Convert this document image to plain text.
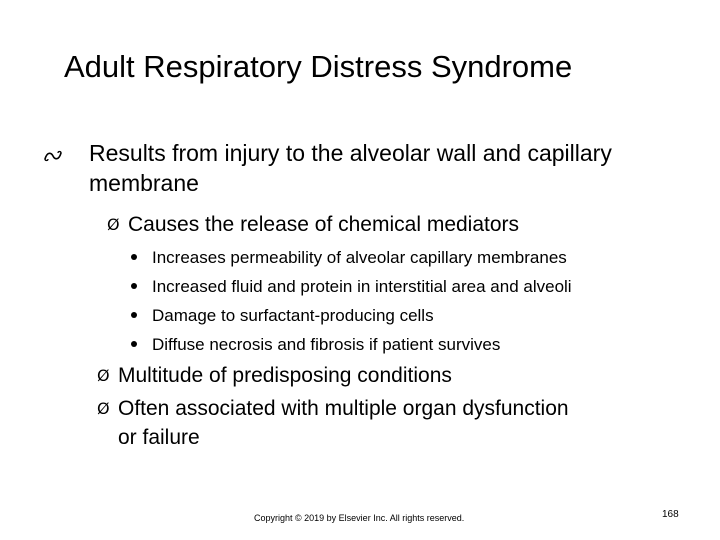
Adult Respiratory Distress Syndrome
Results from injury to the alveolar wall and capillary membrane
Ø Causes the release of chemical mediators
Increases permeability of alveolar capillary membranes
Increased fluid and protein in interstitial area and alveoli
Damage to surfactant-producing cells
Diffuse necrosis and fibrosis if patient survives
Ø Multitude of predisposing conditions
Ø Often associated with multiple organ dysfunction
or failure
Copyright © 2019 by Elsevier Inc. All rights reserved.	168
